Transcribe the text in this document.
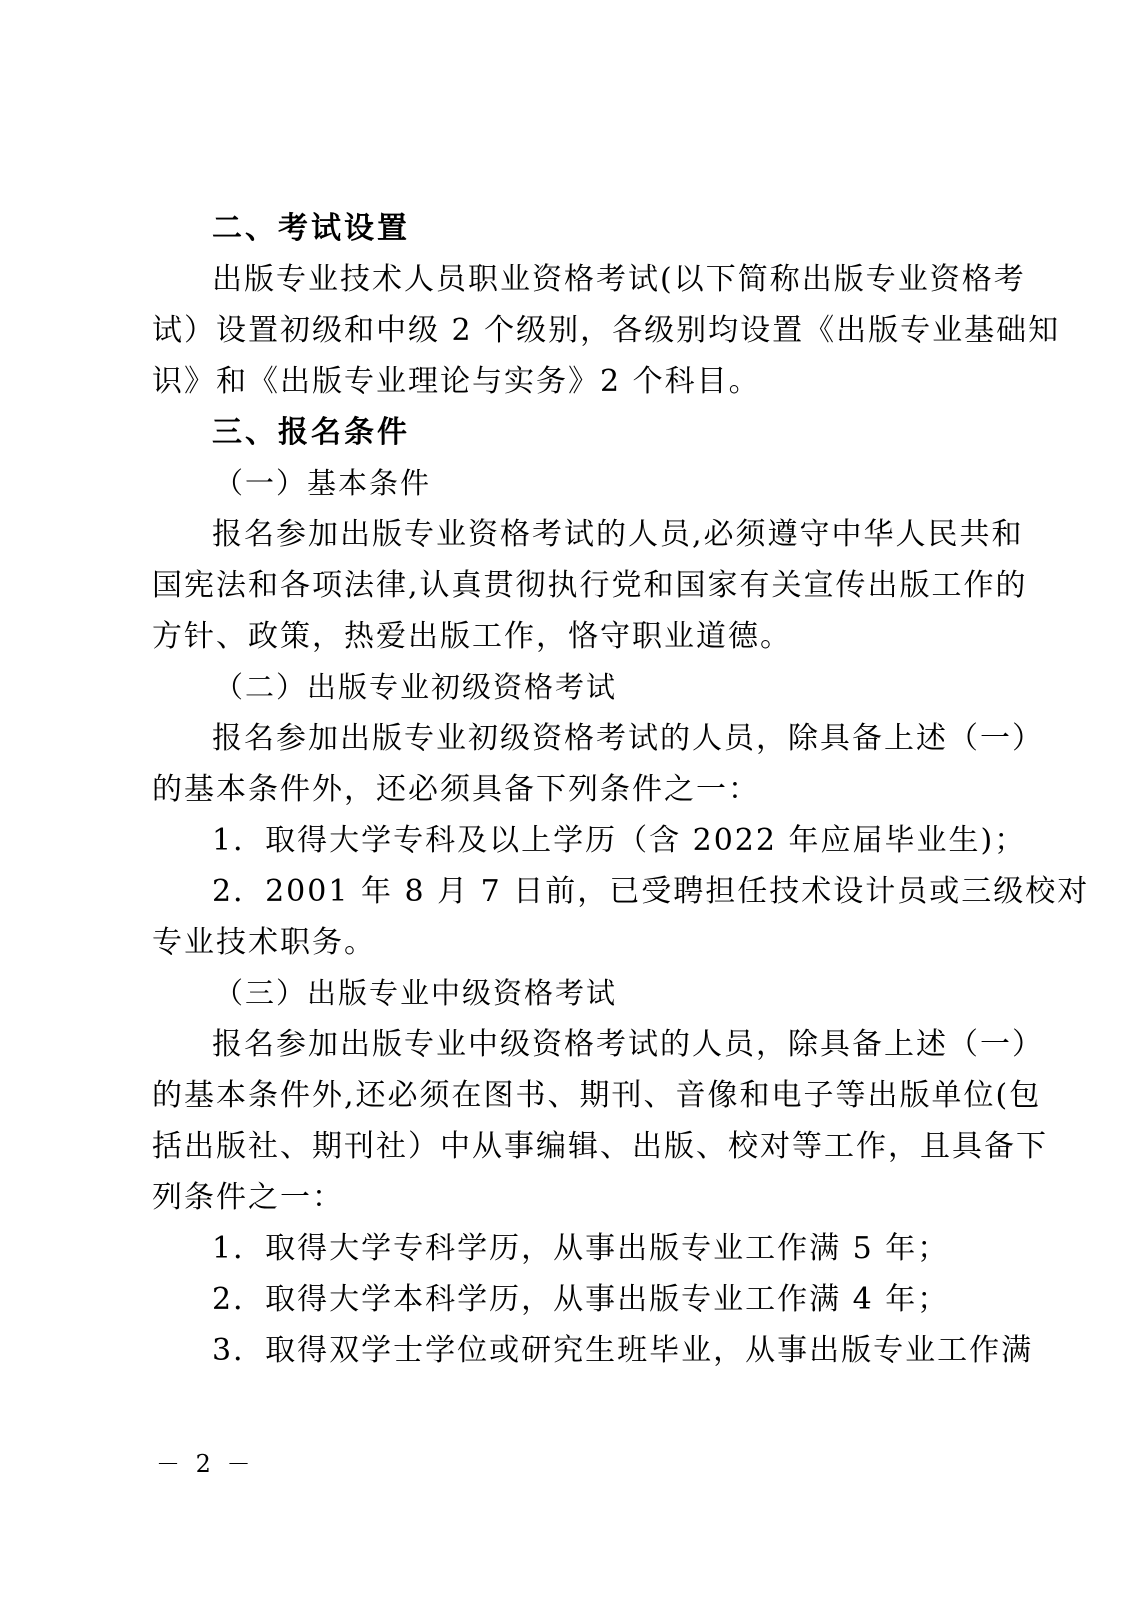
二、考试设置
出版专业技术人员职业资格考试(以下简称出版专业资格考
试）设置初级和中级 2 个级别，各级别均设置《出版专业基础知
识》和《出版专业理论与实务》2 个科目。
三、报名条件
（一）基本条件
报名参加出版专业资格考试的人员,必须遵守中华人民共和
国宪法和各项法律,认真贯彻执行党和国家有关宣传出版工作的
方针、政策，热爱出版工作，恪守职业道德。
（二）出版专业初级资格考试
报名参加出版专业初级资格考试的人员，除具备上述（一）
的基本条件外，还必须具备下列条件之一：
1．取得大学专科及以上学历（含 2022 年应届毕业生)；
2．2001 年 8 月 7 日前，已受聘担任技术设计员或三级校对
专业技术职务。
（三）出版专业中级资格考试
报名参加出版专业中级资格考试的人员，除具备上述（一）
的基本条件外,还必须在图书、期刊、音像和电子等出版单位(包
括出版社、期刊社）中从事编辑、出版、校对等工作，且具备下
列条件之一：
1．取得大学专科学历，从事出版专业工作满 5 年；
2．取得大学本科学历，从事出版专业工作满 4 年；
3．取得双学士学位或研究生班毕业，从事出版专业工作满
－ 2 －
